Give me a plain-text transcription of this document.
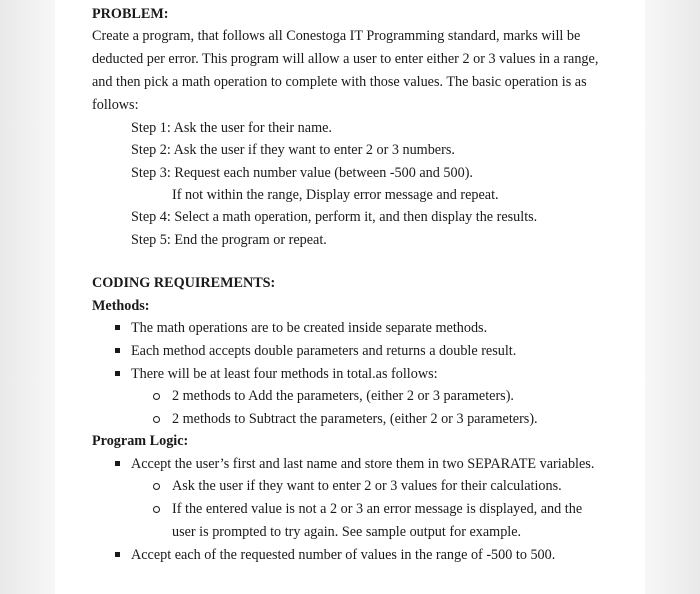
PROBLEM:
Create a program, that follows all Conestoga IT Programming standard, marks will be
deducted per error. This program will allow a user to enter either 2 or 3 values in a range,
and then pick a math operation to complete with those values. The basic operation is as
follows:
Step 1: Ask the user for their name.
Step 2: Ask the user if they want to enter 2 or 3 numbers.
Step 3: Request each number value (between -500 and 500).
If not within the range, Display error message and repeat.
Step 4: Select a math operation, perform it, and then display the results.
Step 5: End the program or repeat.
CODING REQUIREMENTS:
Methods:
The math operations are to be created inside separate methods.
Each method accepts double parameters and returns a double result.
There will be at least four methods in total.as follows:
2 methods to Add the parameters, (either 2 or 3 parameters).
2 methods to Subtract the parameters, (either 2 or 3 parameters).
Program Logic:
Accept the user’s first and last name and store them in two SEPARATE variables.
Ask the user if they want to enter 2 or 3 values for their calculations.
If the entered value is not a 2 or 3 an error message is displayed, and the
user is prompted to try again. See sample output for example.
Accept each of the requested number of values in the range of -500 to 500.
